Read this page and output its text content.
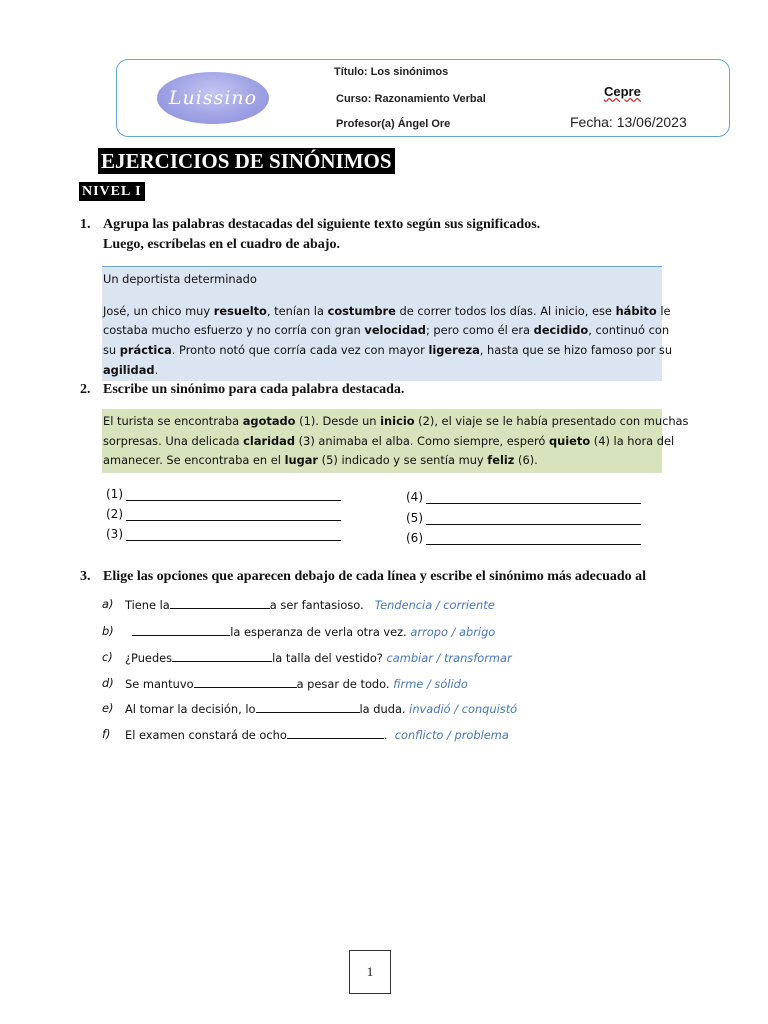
Luissino
Título: Los sinónimos
Curso: Razonamiento Verbal
Profesor(a) Ángel Ore
Cepre
Fecha: 13/06/2023
EJERCICIOS DE SINÓNIMOS
NIVEL I
1. Agrupa las palabras destacadas del siguiente texto según sus significados.
Luego, escríbelas en el cuadro de abajo.
Un deportista determinado
José, un chico muy resuelto, tenían la costumbre de correr todos los días. Al inicio, ese hábito le
costaba mucho esfuerzo y no corría con gran velocidad; pero como él era decidido, continuó con
su práctica. Pronto notó que corría cada vez con mayor ligereza, hasta que se hizo famoso por su
agilidad.
2. Escribe un sinónimo para cada palabra destacada.
El turista se encontraba agotado (1). Desde un inicio (2), el viaje se le había presentado con muchas
sorpresas. Una delicada claridad (3) animaba el alba. Como siempre, esperó quieto (4) la hora del
amanecer. Se encontraba en el lugar (5) indicado y se sentía muy feliz (6).
(1)
(2)
(3)
(4)
(5)
(6)
3. Elige las opciones que aparecen debajo de cada línea y escribe el sinónimo más adecuado al
a) Tiene la	a ser fantasioso. Tendencia / corriente
b)	la esperanza de verla otra vez. arropo / abrigo
c) ¿Puedes	la talla del vestido? cambiar / transformar
d) Se mantuvo	a pesar de todo. firme / sólido
e) Al tomar la decisión, lo	la duda. invadió / conquistó
f) El examen constará de ocho	. conflicto / problema
1
